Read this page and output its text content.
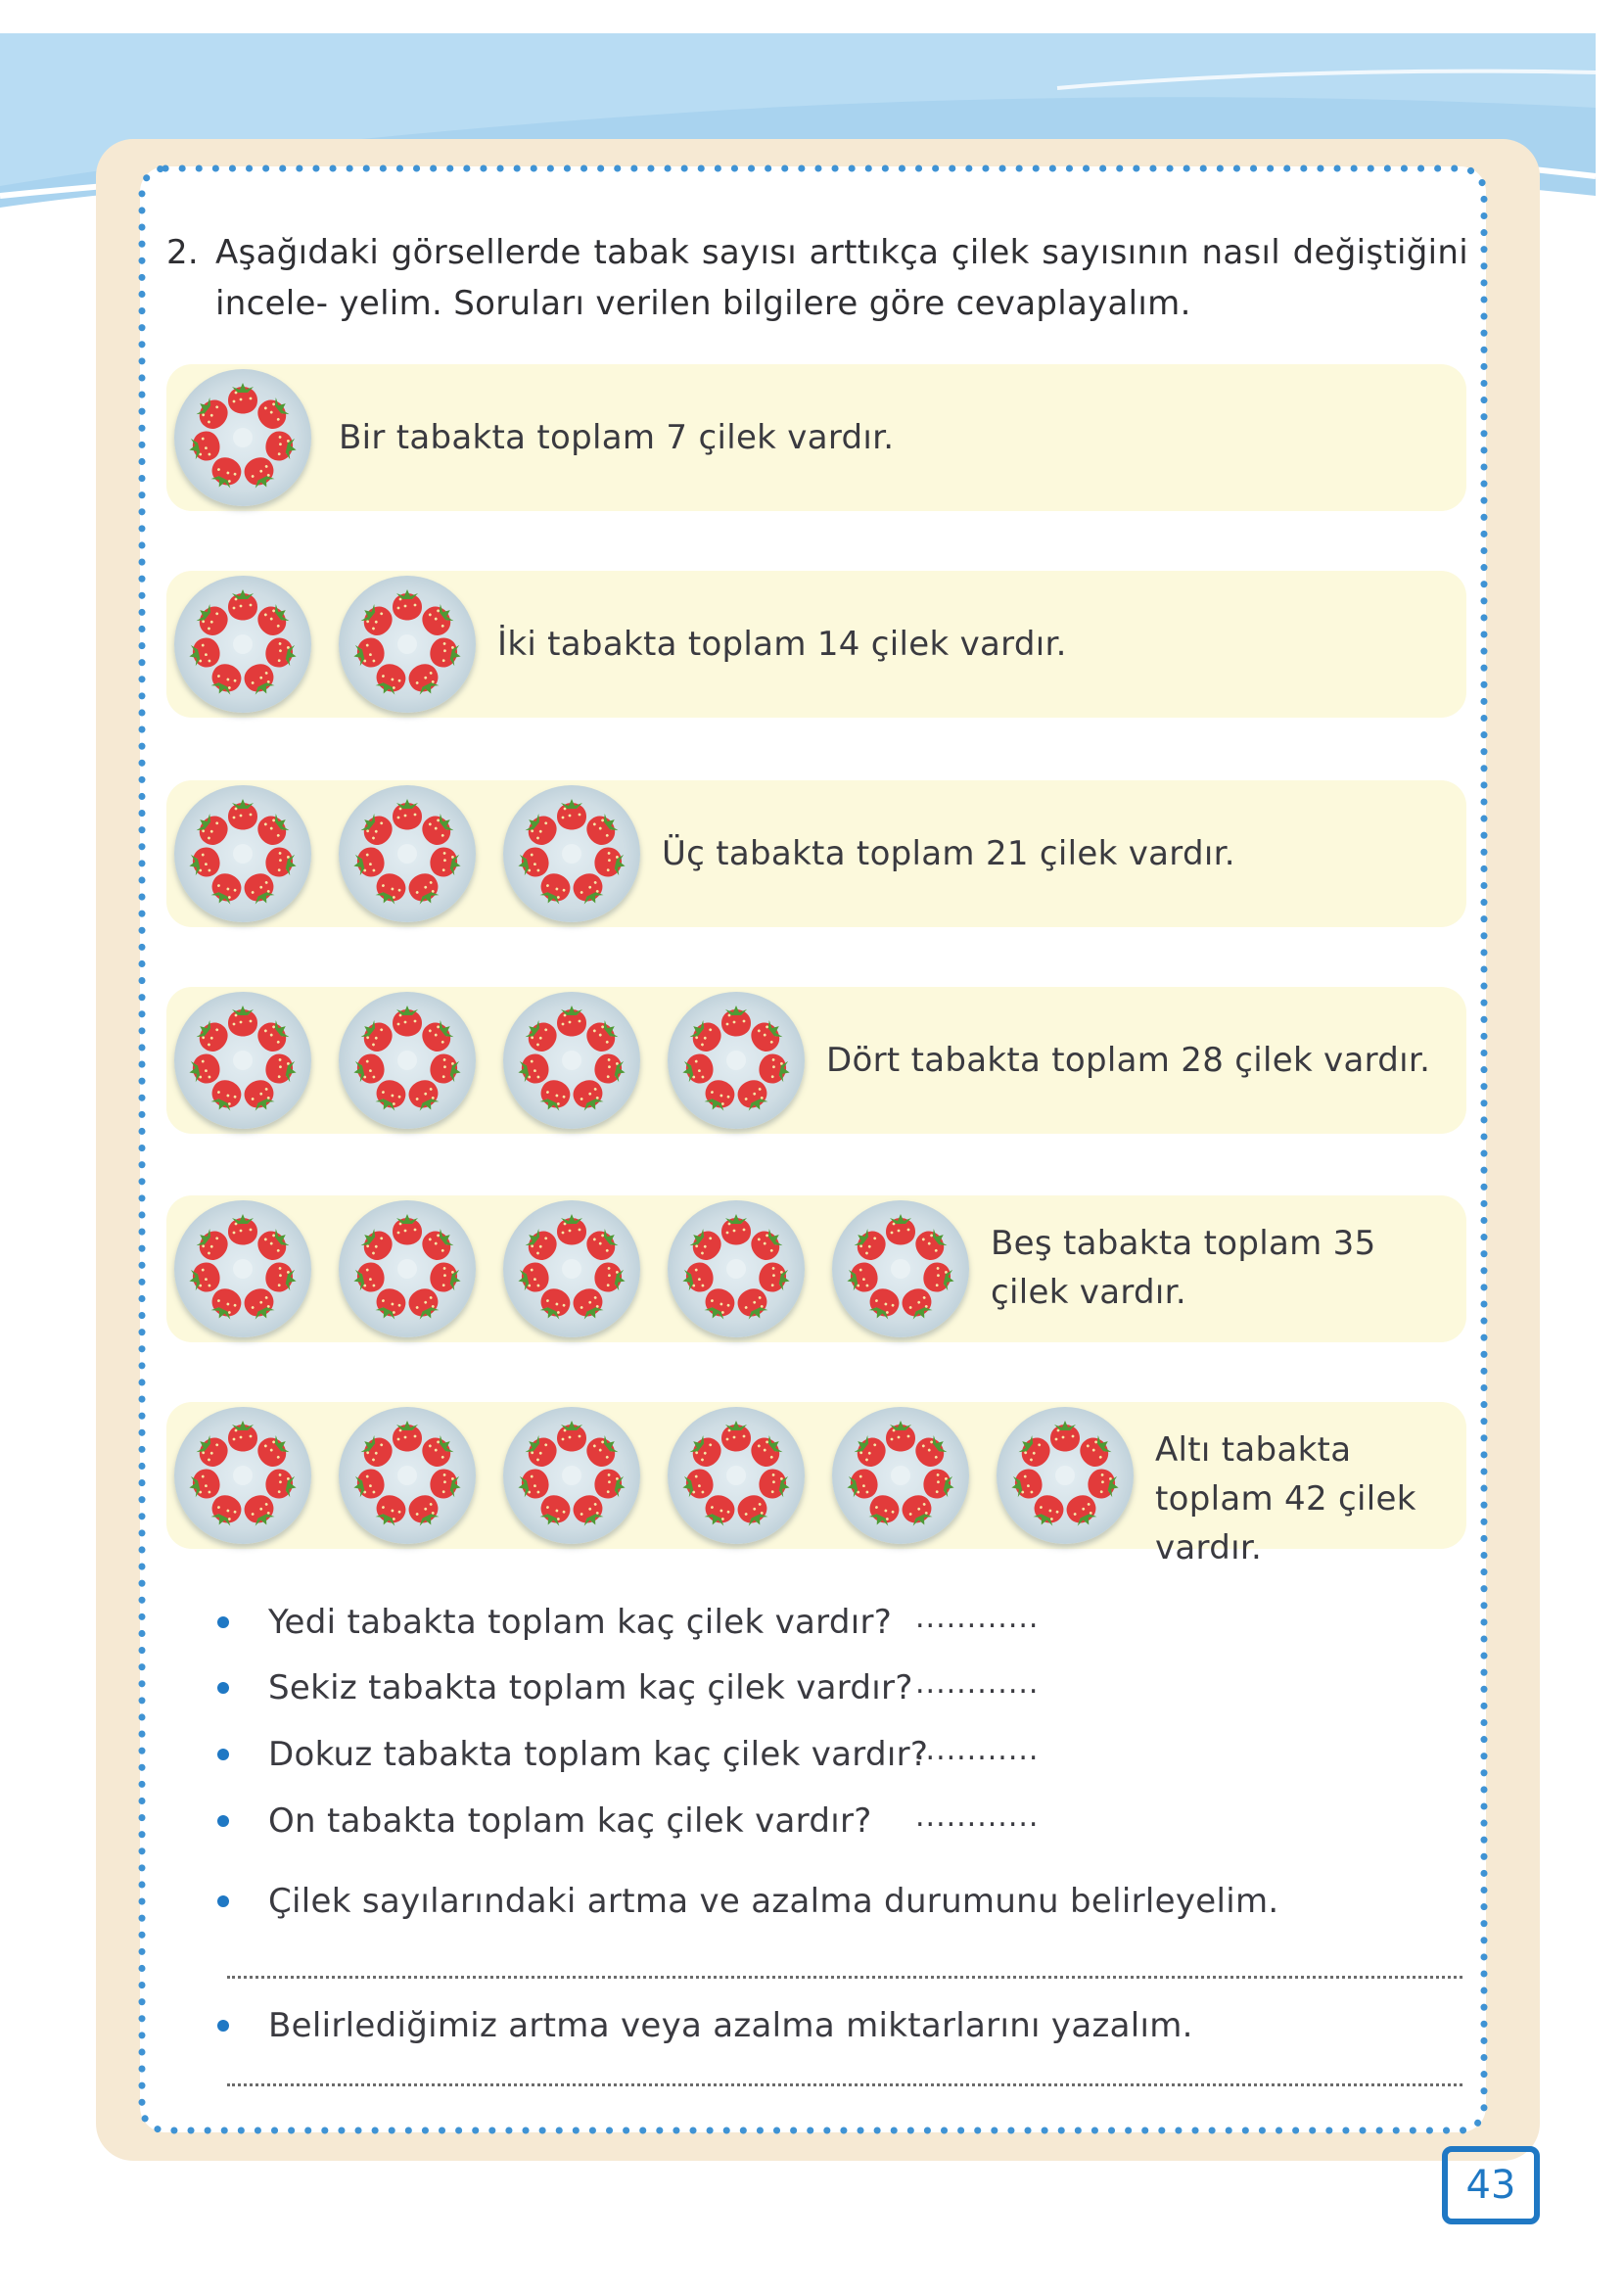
2. Aşağıdaki görsellerde tabak sayısı arttıkça çilek sayısının nasıl değiştiğini incele- yelim. Soruları verilen bilgilere göre cevaplayalım.
Bir tabakta toplam 7 çilek vardır.
İki tabakta toplam 14 çilek vardır.
Üç tabakta toplam 21 çilek vardır.
Dört tabakta toplam 28 çilek vardır.
Beş tabakta toplam 35 çilek vardır.
Altı tabakta toplam 42 çilek vardır.
Yedi tabakta toplam kaç çilek vardır? ............
Sekiz tabakta toplam kaç çilek vardır? ............
Dokuz tabakta toplam kaç çilek vardır?
............
On tabakta toplam kaç çilek vardır? ............
Çilek sayılarındaki artma ve azalma durumunu belirleyelim.
Belirlediğimiz artma veya azalma miktarlarını yazalım.
43
